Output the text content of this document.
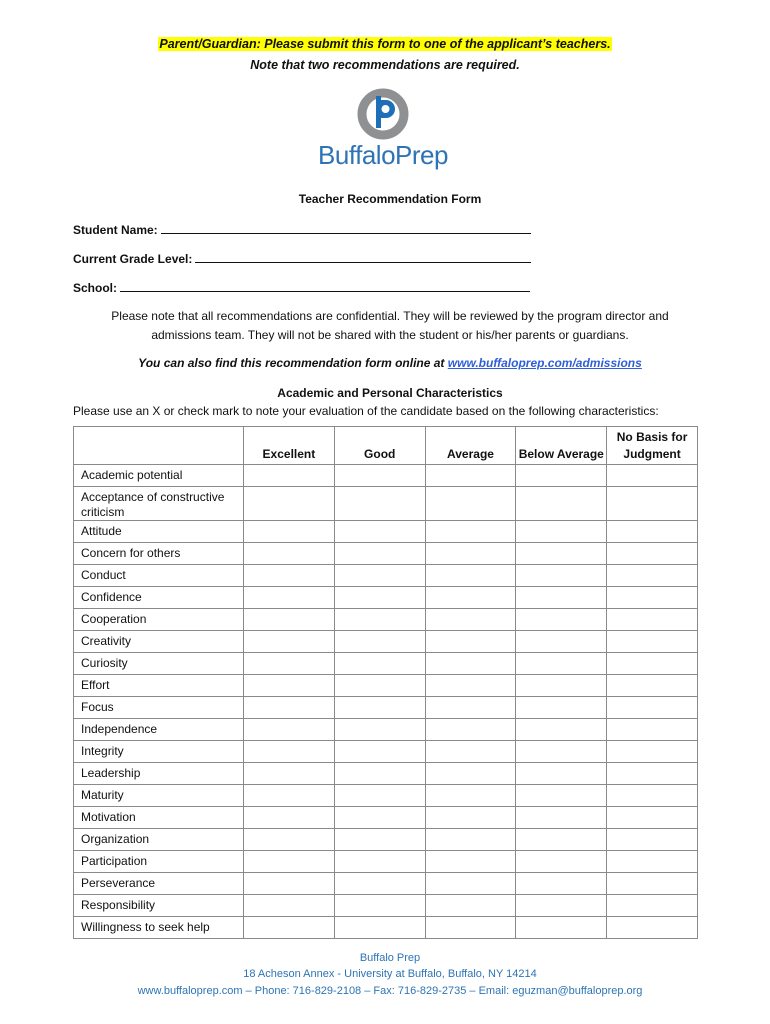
Parent/Guardian: Please submit this form to one of the applicant’s teachers.
Note that two recommendations are required.
BuffaloPrep
Teacher Recommendation Form
Student Name:
Current Grade Level:
School:
Please note that all recommendations are confidential. They will be reviewed by the program director and admissions team. They will not be shared with the student or his/her parents or guardians.
You can also find this recommendation form online at www.buffaloprep.com/admissions
Academic and Personal Characteristics
Please use an X or check mark to note your evaluation of the candidate based on the following characteristics:
	Excellent	Good	Average	Below Average	No Basis for Judgment
Academic potential					
Acceptance of constructive criticism					
Attitude					
Concern for others					
Conduct					
Confidence					
Cooperation					
Creativity					
Curiosity					
Effort					
Focus					
Independence					
Integrity					
Leadership					
Maturity					
Motivation					
Organization					
Participation					
Perseverance					
Responsibility					
Willingness to seek help					
Buffalo Prep
18 Acheson Annex - University at Buffalo, Buffalo, NY 14214
www.buffaloprep.com – Phone: 716-829-2108 – Fax: 716-829-2735 – Email: eguzman@buffaloprep.org
